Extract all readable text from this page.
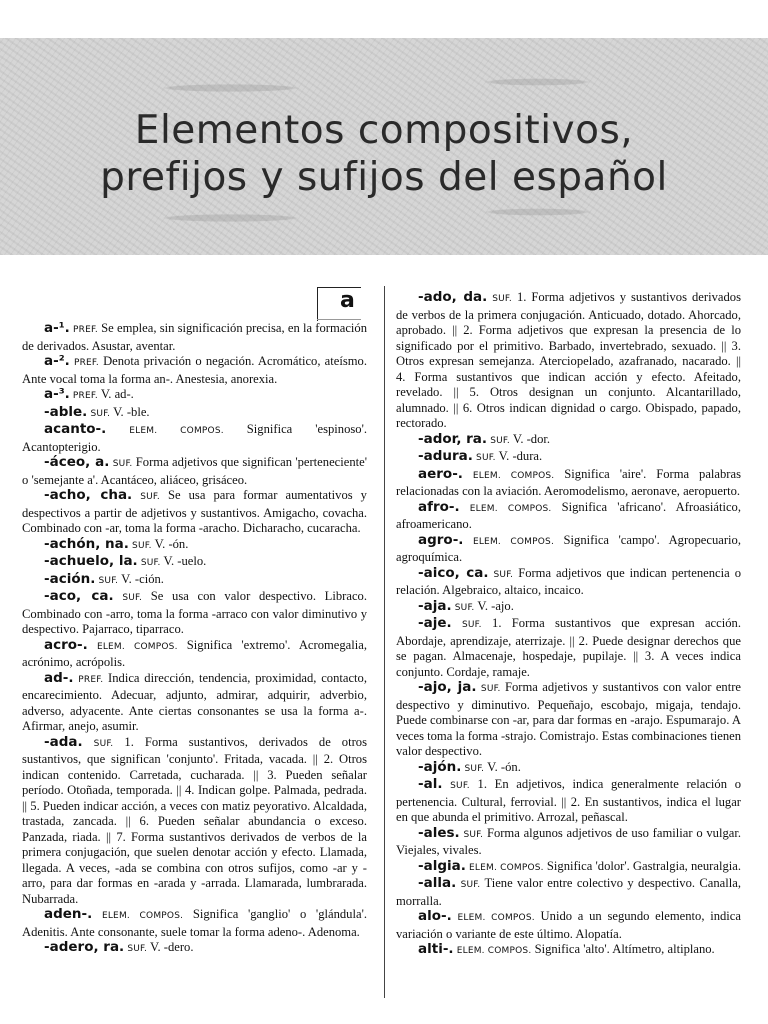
Elementos compositivos,
prefijos y sufijos del español
a

a-¹. PREF. Se emplea, sin significación precisa, en la formación de derivados. Asustar, aventar.

a-². PREF. Denota privación o negación. Acromático, ateísmo. Ante vocal toma la forma an-. Anestesia, anorexia.

a-³. PREF. V. ad-.

-able. SUF. V. -ble.

acanto-.	ELEM. COMPOS. Significa 'espinoso'. Acantopterigio.

-áceo, a. SUF. Forma adjetivos que significan 'perteneciente' o 'semejante a'. Acantáceo, aliáceo, grisáceo.

-acho, cha. SUF. Se usa para formar aumentativos y despectivos a partir de adjetivos y sustantivos. Amigacho, covacha. Combinado con -ar, toma la forma -aracho. Dicharacho, cucaracha.

-achón, na. SUF. V. -ón.

-achuelo, la. SUF. V. -uelo.

-ación. SUF. V. -ción.

-aco, ca. SUF. Se usa con valor despectivo. Libraco. Combinado con -arro, toma la forma -arraco con valor diminutivo y despectivo. Pajarraco, tiparraco.

acro-. ELEM. COMPOS. Significa 'extremo'. Acromegalia, acrónimo, acrópolis.

ad-. PREF. Indica dirección, tendencia, proximidad, contacto, encarecimiento. Adecuar, adjunto, admirar, adquirir, adverbio, adverso, adyacente. Ante ciertas consonantes se usa la forma a-. Afirmar, anejo, asumir.

-ada. SUF. 1. Forma sustantivos, derivados de otros sustantivos, que significan 'conjunto'. Fritada, vacada. || 2. Otros indican contenido. Carretada, cucharada. || 3. Pueden señalar período. Otoñada, temporada. || 4. Indican golpe. Palmada, pedrada. || 5. Pueden indicar acción, a veces con matiz peyorativo. Alcaldada, trastada, zancada. || 6. Pueden señalar abundancia o exceso. Panzada, riada. || 7. Forma sustantivos derivados de verbos de la primera conjugación, que suelen denotar acción y efecto. Llamada, llegada. A veces, -ada se combina con otros sufijos, como -ar y -arro, para dar formas en -arada y -arrada. Llamarada, lumbrarada. Nubarrada.

aden-. ELEM. COMPOS. Significa 'ganglio' o 'glándula'. Adenitis. Ante consonante, suele tomar la forma adeno-. Adenoma.

-adero, ra. SUF. V. -dero.

-ado, da. SUF. 1. Forma adjetivos y sustantivos derivados de verbos de la primera conjugación. Anticuado, dotado. Ahorcado, aprobado. || 2. Forma adjetivos que expresan la presencia de lo significado por el primitivo. Barbado, invertebrado, sexuado. || 3. Otros expresan semejanza. Aterciopelado, azafranado, nacarado. || 4. Forma sustantivos que indican acción y efecto. Afeitado, revelado. || 5. Otros designan un conjunto. Alcantarillado, alumnado. || 6. Otros indican dignidad o cargo. Obispado, papado, rectorado.

-ador, ra. SUF. V. -dor.

-adura. SUF. V. -dura.

aero-. ELEM. COMPOS. Significa 'aire'. Forma palabras relacionadas con la aviación. Aeromodelismo, aeronave, aeropuerto.

afro-. ELEM. COMPOS. Significa 'africano'. Afroasiático, afroamericano.

agro-. ELEM. COMPOS. Significa 'campo'. Agropecuario, agroquímica.

-aico, ca. SUF. Forma adjetivos que indican pertenencia o relación. Algebraico, altaico, incaico.

-aja. SUF. V. -ajo.

-aje. SUF. 1. Forma sustantivos que expresan acción. Abordaje, aprendizaje, aterrizaje. || 2. Puede designar derechos que se pagan. Almacenaje, hospedaje, pupilaje. || 3. A veces indica conjunto. Cordaje, ramaje.

-ajo, ja. SUF. Forma adjetivos y sustantivos con valor entre despectivo y diminutivo. Pequeñajo, escobajo, migaja, tendajo. Puede combinarse con -ar, para dar formas en -arajo. Espumarajo. A veces toma la forma -strajo. Comistrajo. Estas combinaciones tienen valor despectivo.

-ajón. SUF. V. -ón.

-al. SUF. 1. En adjetivos, indica generalmente relación o pertenencia. Cultural, ferrovial. || 2. En sustantivos, indica el lugar en que abunda el primitivo. Arrozal, peñascal.

-ales. SUF. Forma algunos adjetivos de uso familiar o vulgar. Viejales, vivales.

-algia. ELEM. COMPOS. Significa 'dolor'. Gastralgia, neuralgia.

-alla. SUF. Tiene valor entre colectivo y despectivo. Canalla, morralla.

alo-. ELEM. COMPOS. Unido a un segundo elemento, indica variación o variante de este último. Alopatía.

alti-. ELEM. COMPOS. Significa 'alto'. Altímetro, altiplano.
